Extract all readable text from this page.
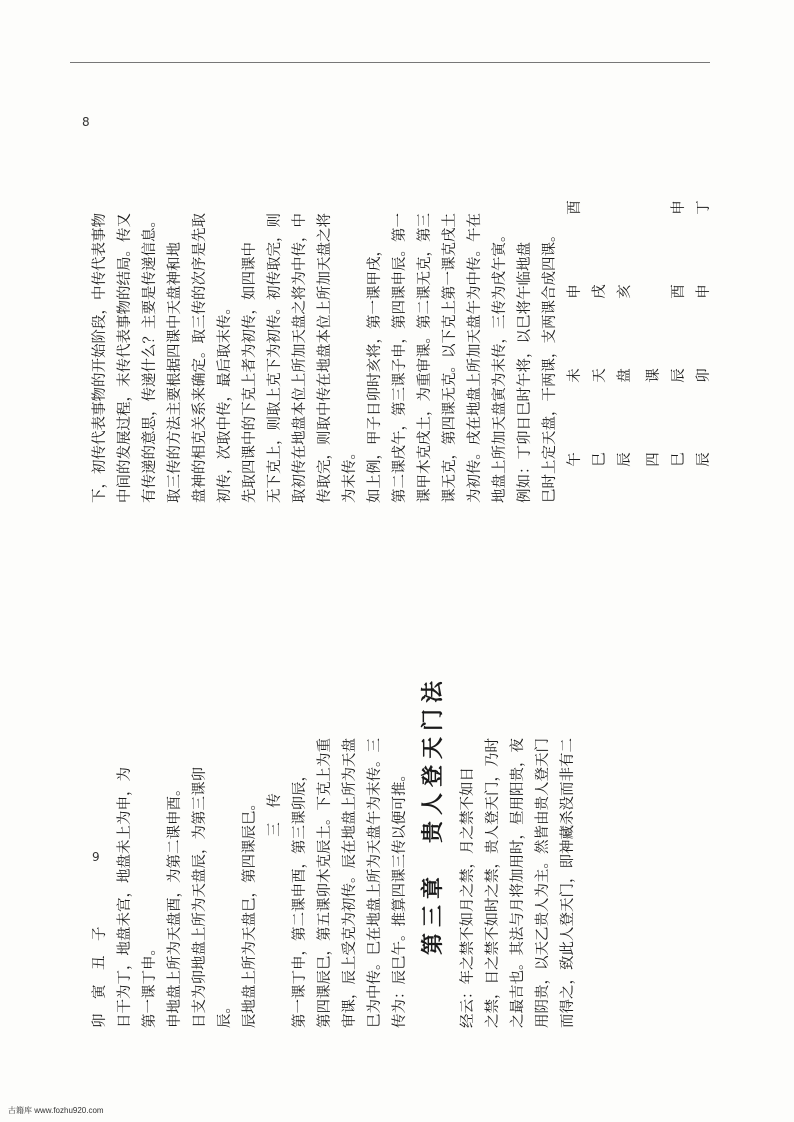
下，初传代表事物的开始阶段，中传代表事物 中间的发展过程，末传代表事物的结局。传又 有传递的意思，传递什么？主要是传递信息。 取三传的方法主要根据四课中天盘神和地 盘神的相克关系来确定。取三传的次序是先取 初传，次取中传，最后取末传。 先取四课中的下克上者为初传，如四课中 无下克上，则取上克下为初传。初传取完，则 取初传在地盘本位上所加天盘之将为中传，中 传取完，则取中传在地盘本位上所加天盘之将 为末传。 如上例，甲子日卯时亥将，第一课甲戌， 第二课戌午，第三课子申，第四课申辰。第一 课甲木克戌土，为重审课。第二课无克，第三 课无克，第四课无克。以下克上第一课克戌土 为初传。戌在地盘上所加天盘午为中传。午在 地盘上所加天盘寅为末传，三传为戌午寅。 例如：丁卯日巳时午将，以巳将午临地盘 巳时上定天盘，干两课，支两课合成四课。 午
未
申
酉
巳
天
戌
辰
盘
亥
四
课
巳
辰
酉
申
辰
卯
申
丁
8
卯　寅　丑　子 日干为丁，地盘未宫，地盘未上为申，为 第一课丁申。 申地盘上所为天盘酉，为第二课申酉。 日支为卯地盘上所为天盘辰，为第三课卯 辰。 辰地盘上所为天盘巳，第四课辰巳。 三　传 第一课丁申，第二课申酉，第三课卯辰， 第四课辰巳，第五课卯木克辰土。下克上为重 审课，辰上受克为初传。辰在地盘上所为天盘 巳为中传。巳在地盘上所为天盘午为末传。三 传为：辰巳午。推算四课三传以便可推。 第三章　贵人登天门法 经云：年之禁不如月之禁，月之禁不如日 之禁，日之禁不如时之禁，贵人登天门，乃时 之最吉也。其法与月将加用时，昼用阳贵，夜 用阴贵，以天乙贵人为主。然皆由贵人登天门 而得之，致此人登天门，即神藏杀没而非有二
9
古籍库 www.fozhu920.com
